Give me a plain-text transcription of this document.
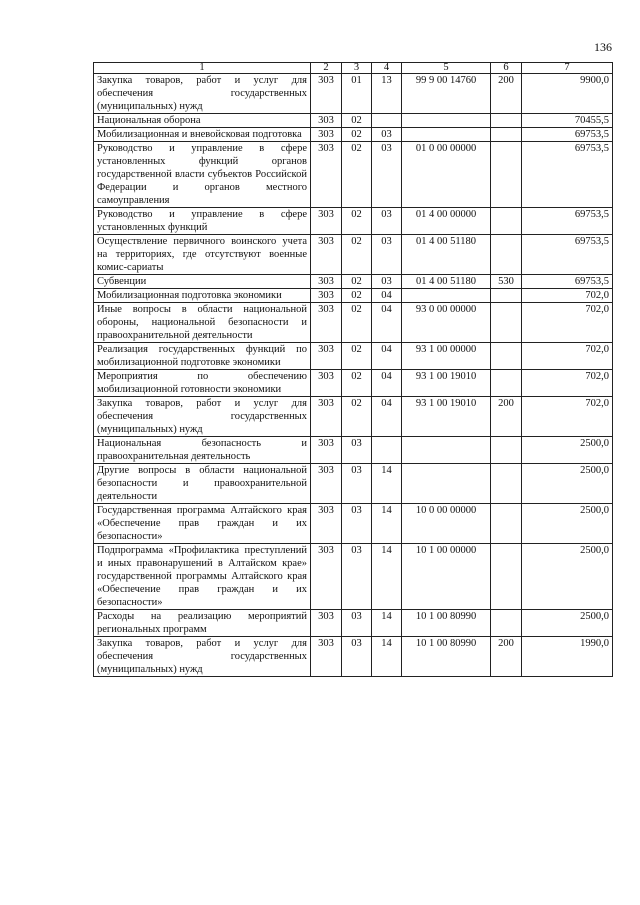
136
1	2	3	4	5	6	7
Закупка товаров, работ и услуг для обеспечения государственных (муниципальных) нужд	303	01	13	99 9 00 14760	200	9900,0
Национальная оборона	303	02				70455,5
Мобилизационная и вневойсковая подготовка	303	02	03			69753,5
Руководство и управление в сфере установленных функций органов государственной власти субъектов Российской Федерации и органов местного самоуправления	303	02	03	01 0 00 00000		69753,5
Руководство и управление в сфере установленных функций	303	02	03	01 4 00 00000		69753,5
Осуществление первичного воинского учета на территориях, где отсутствуют военные комис-сариаты	303	02	03	01 4 00 51180		69753,5
Субвенции	303	02	03	01 4 00 51180	530	69753,5
Мобилизационная подготовка экономики	303	02	04			702,0
Иные вопросы в области национальной обороны, национальной безопасности и правоохранительной деятельности	303	02	04	93 0 00 00000		702,0
Реализация государственных функций по мобилизационной подготовке экономики	303	02	04	93 1 00 00000		702,0
Мероприятия по обеспечению мобилизационной готовности экономики	303	02	04	93 1 00 19010		702,0
Закупка товаров, работ и услуг для обеспечения государственных (муниципальных) нужд	303	02	04	93 1 00 19010	200	702,0
Национальная безопасность и правоохранительная деятельность	303	03				2500,0
Другие вопросы в области национальной безопасности и правоохранительной деятельности	303	03	14			2500,0
Государственная программа Алтайского края «Обеспечение прав граждан и их безопасности»	303	03	14	10 0 00 00000		2500,0
Подпрограмма «Профилактика преступлений и иных правонарушений в Алтайском крае» государственной программы Алтайского края «Обеспечение прав граждан и их безопасности»	303	03	14	10 1 00 00000		2500,0
Расходы на реализацию мероприятий региональных программ	303	03	14	10 1 00 80990		2500,0
Закупка товаров, работ и услуг для обеспечения государственных (муниципальных) нужд	303	03	14	10 1 00 80990	200	1990,0
